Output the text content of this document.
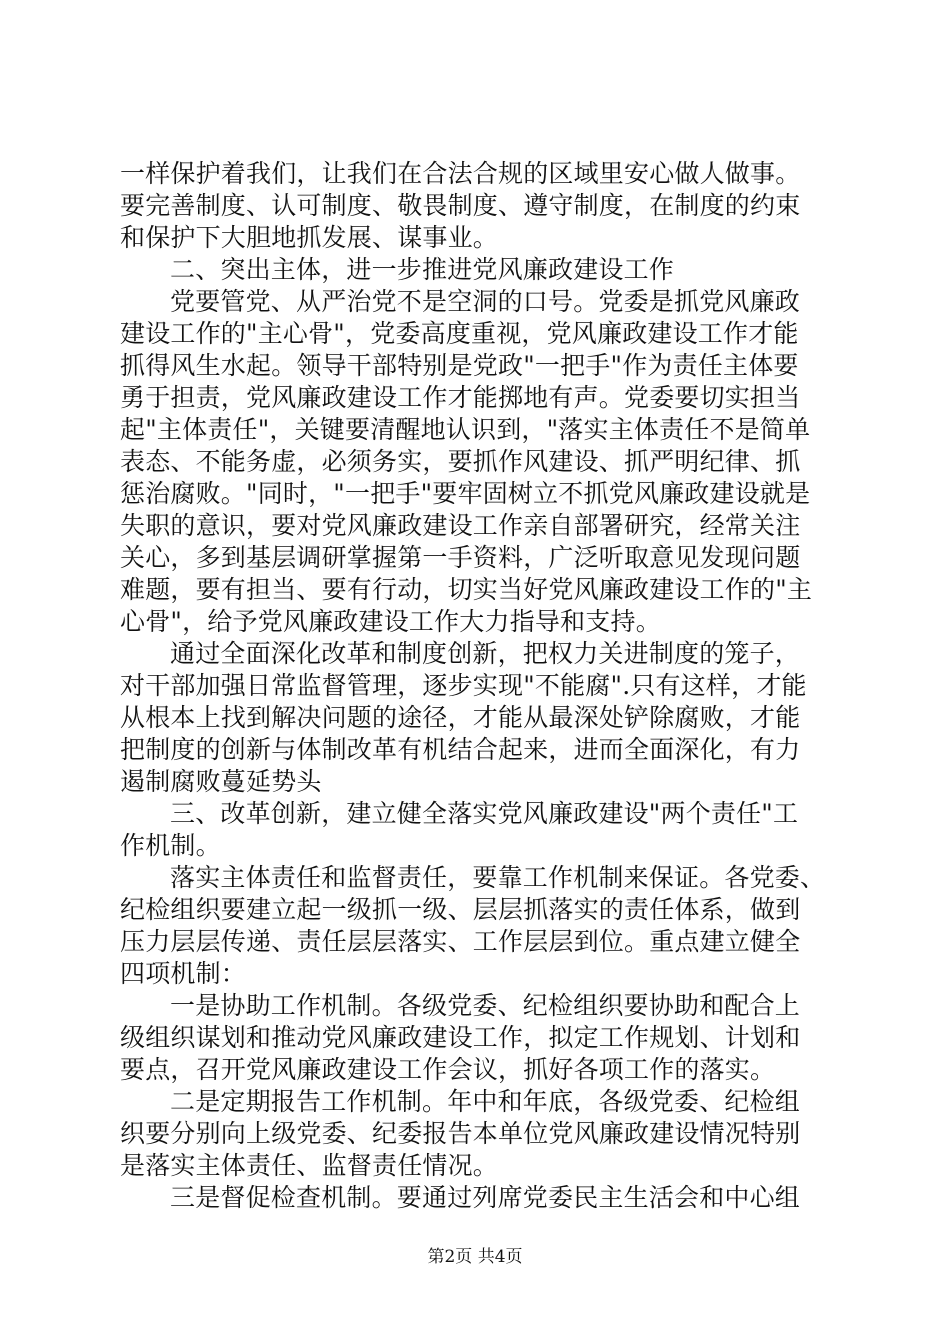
一样保护着我们，让我们在合法合规的区域里安心做人做事。
要完善制度、认可制度、敬畏制度、遵守制度，在制度的约束
和保护下大胆地抓发展、谋事业。
二、突出主体，进一步推进党风廉政建设工作
党要管党、从严治党不是空洞的口号。党委是抓党风廉政
建设工作的"主心骨"，党委高度重视，党风廉政建设工作才能
抓得风生水起。领导干部特别是党政"一把手"作为责任主体要
勇于担责，党风廉政建设工作才能掷地有声。党委要切实担当
起"主体责任"，关键要清醒地认识到，"落实主体责任不是简单
表态、不能务虚，必须务实，要抓作风建设、抓严明纪律、抓
惩治腐败。"同时，"一把手"要牢固树立不抓党风廉政建设就是
失职的意识，要对党风廉政建设工作亲自部署研究，经常关注
关心，多到基层调研掌握第一手资料，广泛听取意见发现问题
难题，要有担当、要有行动，切实当好党风廉政建设工作的"主
心骨"，给予党风廉政建设工作大力指导和支持。
通过全面深化改革和制度创新，把权力关进制度的笼子，
对干部加强日常监督管理，逐步实现"不能腐".只有这样，才能
从根本上找到解决问题的途径，才能从最深处铲除腐败，才能
把制度的创新与体制改革有机结合起来，进而全面深化，有力
遏制腐败蔓延势头
三、改革创新，建立健全落实党风廉政建设"两个责任"工
作机制。
落实主体责任和监督责任，要靠工作机制来保证。各党委、
纪检组织要建立起一级抓一级、层层抓落实的责任体系，做到
压力层层传递、责任层层落实、工作层层到位。重点建立健全
四项机制：
一是协助工作机制。各级党委、纪检组织要协助和配合上
级组织谋划和推动党风廉政建设工作，拟定工作规划、计划和
要点，召开党风廉政建设工作会议，抓好各项工作的落实。
二是定期报告工作机制。年中和年底，各级党委、纪检组
织要分别向上级党委、纪委报告本单位党风廉政建设情况特别
是落实主体责任、监督责任情况。
三是督促检查机制。要通过列席党委民主生活会和中心组
第2页 共4页
